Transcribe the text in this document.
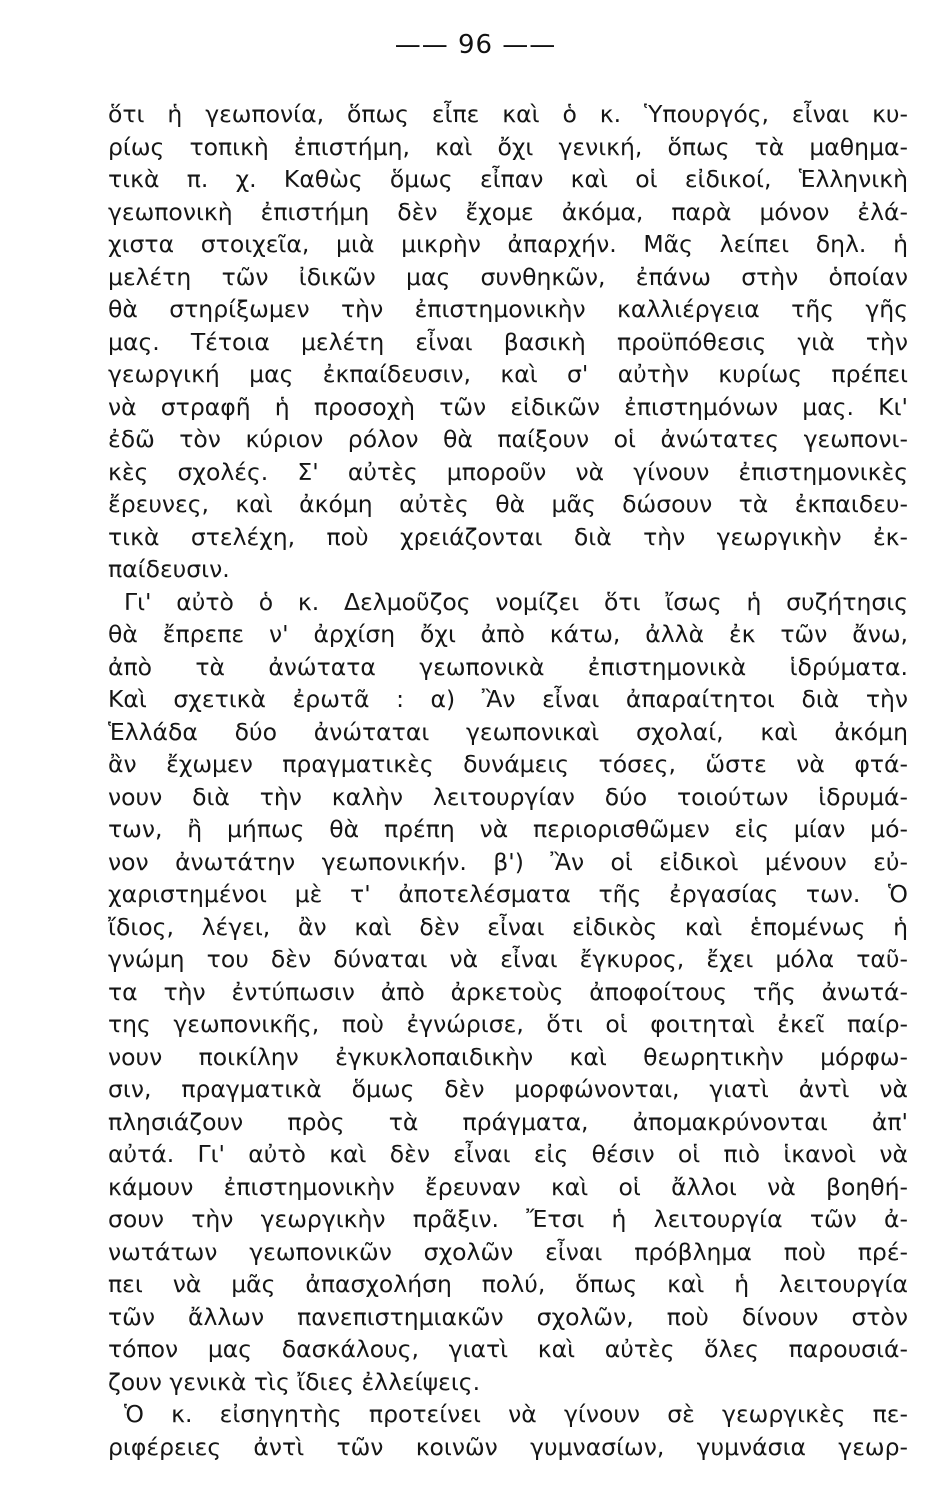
—— 96 ——
ὅτι ἡ γεωπονία, ὅπως εἶπε καὶ ὁ κ. Ὑπουργός, εἶναι κυ-
ρίως τοπικὴ ἐπιστήμη, καὶ ὄχι γενική, ὅπως τὰ μαθημα-
τικὰ π. χ. Καθὼς ὅμως εἶπαν καὶ οἱ εἰδικοί, Ἑλληνικὴ
γεωπονικὴ ἐπιστήμη δὲν ἔχομε ἀκόμα, παρὰ μόνον ἐλά-
χιστα στοιχεῖα, μιὰ μικρὴν ἀπαρχήν. Μᾶς λείπει δηλ. ἡ
μελέτη τῶν ἰδικῶν μας συνθηκῶν, ἐπάνω στὴν ὁποίαν
θὰ στηρίξωμεν τὴν ἐπιστημονικὴν καλλιέργεια τῆς γῆς
μας. Τέτοια μελέτη εἶναι βασικὴ προϋπόθεσις γιὰ τὴν
γεωργική μας ἐκπαίδευσιν, καὶ σ' αὐτὴν κυρίως πρέπει
νὰ στραφῆ ἡ προσοχὴ τῶν εἰδικῶν ἐπιστημόνων μας. Κι'
ἐδῶ τὸν κύριον ρόλον θὰ παίξουν οἱ ἀνώτατες γεωπονι-
κὲς σχολές. Σ' αὐτὲς μποροῦν νὰ γίνουν ἐπιστημονικὲς
ἔρευνες, καὶ ἀκόμη αὐτὲς θὰ μᾶς δώσουν τὰ ἐκπαιδευ-
τικὰ στελέχη, ποὺ χρειάζονται διὰ τὴν γεωργικὴν ἐκ-
παίδευσιν.
Γι' αὐτὸ ὁ κ. Δελμοῦζος νομίζει ὅτι ἴσως ἡ συζήτησις
θὰ ἔπρεπε ν' ἀρχίση ὄχι ἀπὸ κάτω, ἀλλὰ ἐκ τῶν ἄνω,
ἀπὸ τὰ ἀνώτατα γεωπονικὰ ἐπιστημονικὰ ἱδρύματα.
Καὶ σχετικὰ ἐρωτᾶ : α) Ἂν εἶναι ἀπαραίτητοι διὰ τὴν
Ἑλλάδα δύο ἀνώταται γεωπονικαὶ σχολαί, καὶ ἀκόμη
ἂν ἔχωμεν πραγματικὲς δυνάμεις τόσες, ὥστε νὰ φτά-
νουν διὰ τὴν καλὴν λειτουργίαν δύο τοιούτων ἱδρυμά-
των, ἢ μήπως θὰ πρέπη νὰ περιορισθῶμεν εἰς μίαν μό-
νον ἀνωτάτην γεωπονικήν. β') Ἂν οἱ εἰδικοὶ μένουν εὐ-
χαριστημένοι μὲ τ' ἀποτελέσματα τῆς ἐργασίας των. Ὁ
ἴδιος, λέγει, ἂν καὶ δὲν εἶναι εἰδικὸς καὶ ἑπομένως ἡ
γνώμη του δὲν δύναται νὰ εἶναι ἔγκυρος, ἔχει μόλα ταῦ-
τα τὴν ἐντύπωσιν ἀπὸ ἀρκετοὺς ἀποφοίτους τῆς ἀνωτά-
της γεωπονικῆς, ποὺ ἐγνώρισε, ὅτι οἱ φοιτηταὶ ἐκεῖ παίρ-
νουν ποικίλην ἐγκυκλοπαιδικὴν καὶ θεωρητικὴν μόρφω-
σιν, πραγματικὰ ὅμως δὲν μορφώνονται, γιατὶ ἀντὶ νὰ
πλησιάζουν πρὸς τὰ πράγματα, ἀπομακρύνονται ἀπ'
αὐτά. Γι' αὐτὸ καὶ δὲν εἶναι εἰς θέσιν οἱ πιὸ ἱκανοὶ νὰ
κάμουν ἐπιστημονικὴν ἔρευναν καὶ οἱ ἄλλοι νὰ βοηθή-
σουν τὴν γεωργικὴν πρᾶξιν. Ἔτσι ἡ λειτουργία τῶν ἀ-
νωτάτων γεωπονικῶν σχολῶν εἶναι πρόβλημα ποὺ πρέ-
πει νὰ μᾶς ἀπασχολήση πολύ, ὅπως καὶ ἡ λειτουργία
τῶν ἄλλων πανεπιστημιακῶν σχολῶν, ποὺ δίνουν στὸν
τόπον μας δασκάλους, γιατὶ καὶ αὐτὲς ὅλες παρουσιά-
ζουν γενικὰ τὶς ἴδιες ἐλλείψεις.
Ὁ κ. εἰσηγητὴς προτείνει νὰ γίνουν σὲ γεωργικὲς πε-
ριφέρειες ἀντὶ τῶν κοινῶν γυμνασίων, γυμνάσια γεωρ-
